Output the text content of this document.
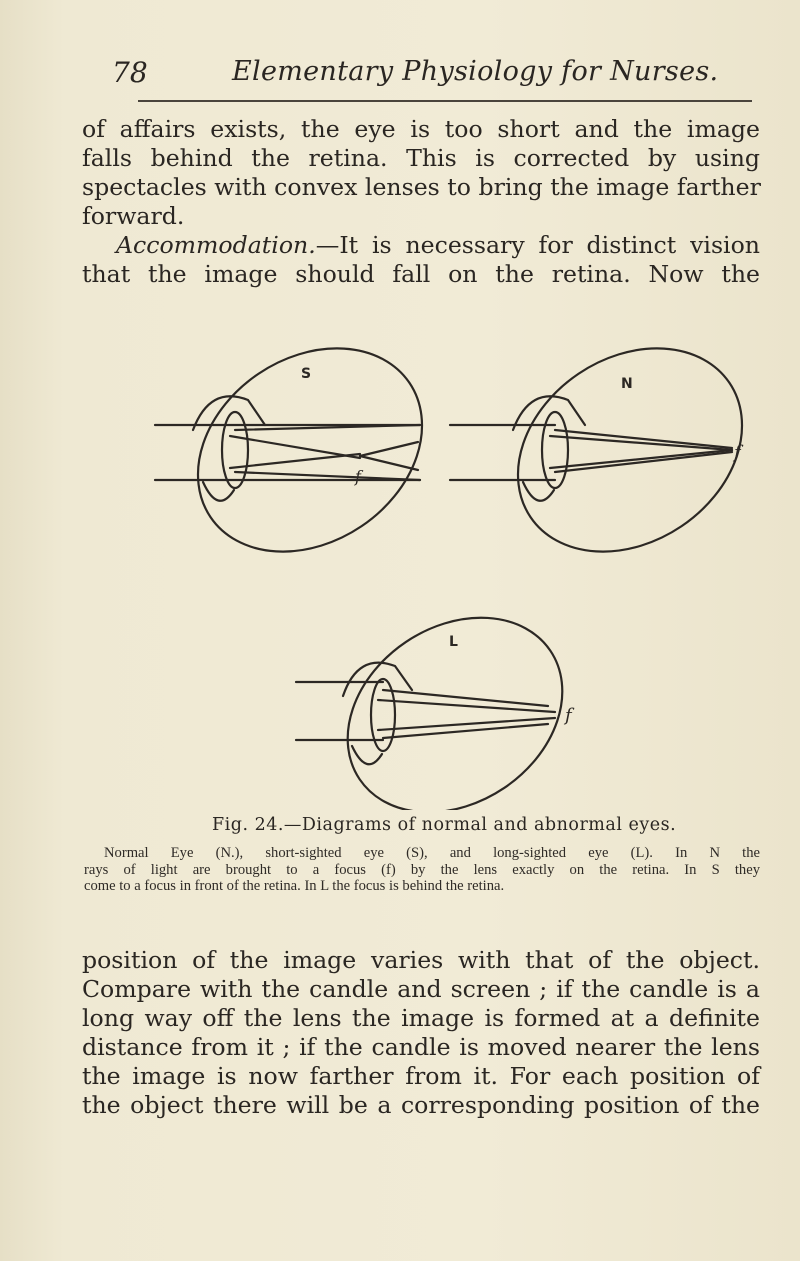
78	Elementary Physiology for Nurses.
of affairs exists, the eye is too short and the image
falls behind the retina. This is corrected by using
spectacles with convex lenses to bring the image farther
forward.
Accommodation.—It is necessary for distinct vision
that the image should fall on the retina. Now the
S
N
L
f
f
f
Fig. 24.—Diagrams of normal and abnormal eyes.
Normal Eye (N.), short-sighted eye (S), and long-sighted eye (L). In N the
rays of light are brought to a focus (f) by the lens exactly on the retina. In S they
come to a focus in front of the retina. In L the focus is behind the retina.
position of the image varies with that of the object.
Compare with the candle and screen ; if the candle is a
long way off the lens the image is formed at a definite
distance from it ; if the candle is moved nearer the lens
the image is now farther from it. For each position of
the object there will be a corresponding position of the
